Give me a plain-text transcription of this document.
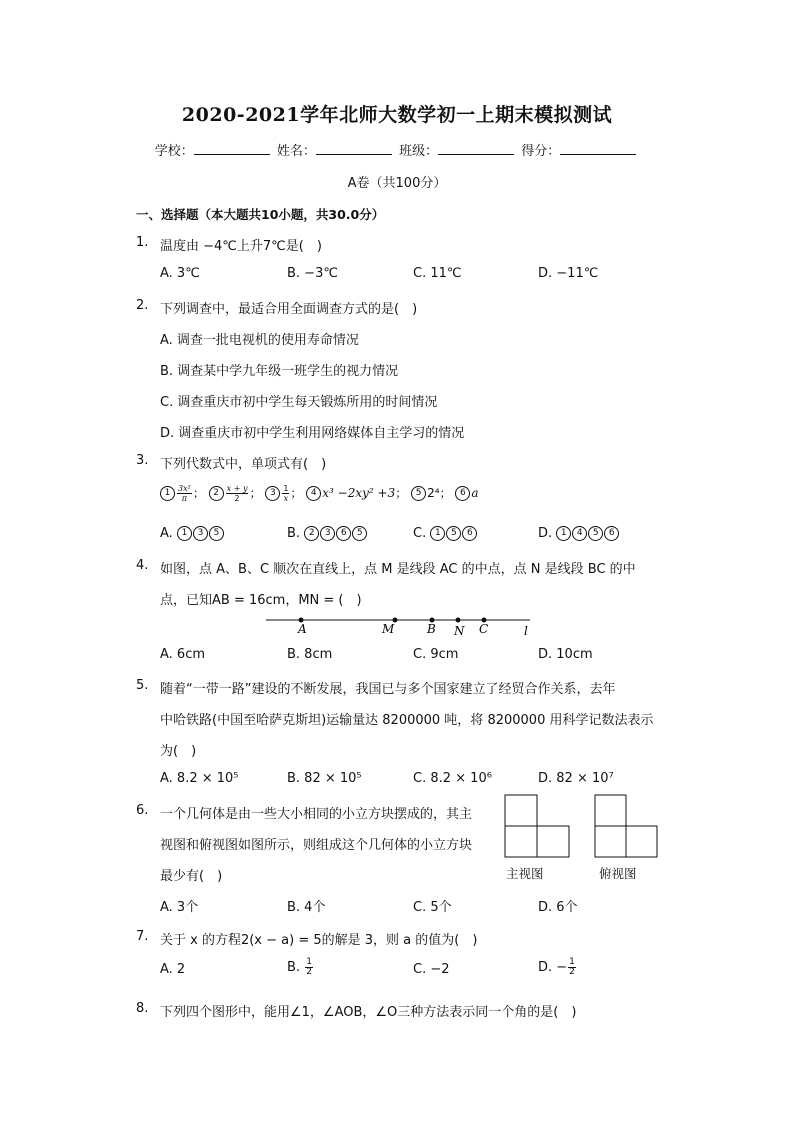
2020-2021学年北师大数学初一上期末模拟测试
学校：	姓名：	班级：	得分：
A卷（共100分）
一、选择题（本大题共10小题，共30.0分）
1. 温度由 −4℃上升7℃是(　)
A. 3℃	B. −3℃	C. 11℃	D. −11℃
2. 下列调查中，最适合用全面调查方式的是(　)
A. 调查一批电视机的使用寿命情况
B. 调查某中学九年级一班学生的视力情况
C. 调查重庆市初中学生每天锻炼所用的时间情况
D. 调查重庆市初中学生利用网络媒体自主学习的情况
3. 下列代数式中，单项式有(　)
$1 \frac{\text{3x²}}{\pi}$ ； $2 \frac{x + y}{2}$ ； $3 \frac{1}{x}$ ； 4 x³ −2xy² +3； 5 2⁴； 6 a
A. 1 3 5	B. 2 3 6 5	C. 1 5 6	D. 1 4 5 6
4. 如图，点 A、B、C 顺次在直线上，点 M 是线段 AC 的中点，点 N 是线段 BC 的中
点，已知AB = 16cm，MN = (　)
A	M	B N C	l
A. 6cm	B. 8cm	C. 9cm	D. 10cm
5. 随着“一带一路”建设的不断发展，我国已与多个国家建立了经贸合作关系，去年
中哈铁路(中国至哈萨克斯坦)运输量达 8200000 吨，将 8200000 用科学记数法表示
为(　)
A. 8.2 × 10⁵	B. 82 × 10⁵	C. 8.2 × 10⁶	D. 82 × 10⁷
6. 一个几何体是由一些大小相同的小立方块摆成的，其主
视图和俯视图如图所示，则组成这个几何体的小立方块
最少有(　)	主视图	俯视图
A. 3个	B. 4个	C. 5个	D. 6个
7. 关于 x 的方程2(x − a) = 5的解是 3，则 a 的值为(　)
A. 2	B. $\frac{1}{2}$	C. −2	D. − $\frac{1}{2}$
8. 下列四个图形中，能用∠1，∠AOB，∠O三种方法表示同一个角的是(　)
